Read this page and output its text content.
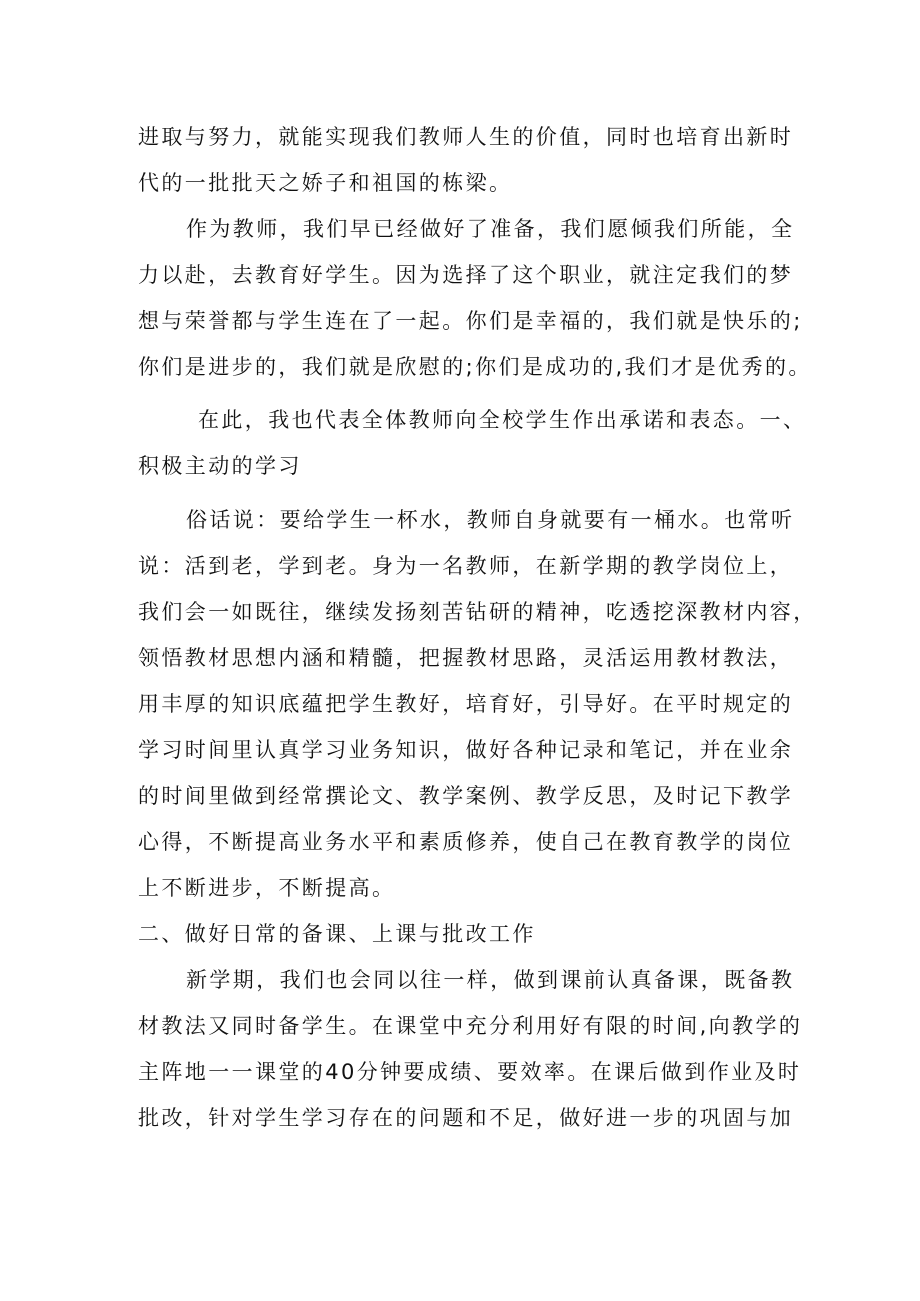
进取与努力，就能实现我们教师人生的价值，同时也培育出新时
代的一批批天之娇子和祖国的栋梁。
作为教师，我们早已经做好了准备，我们愿倾我们所能，全
力以赴，去教育好学生。因为选择了这个职业，就注定我们的梦
想与荣誉都与学生连在了一起。你们是幸福的，我们就是快乐的;
你们是进步的，我们就是欣慰的;你们是成功的,我们才是优秀的。
在此，我也代表全体教师向全校学生作出承诺和表态。一、
积极主动的学习
俗话说：要给学生一杯水，教师自身就要有一桶水。也常听
说：活到老，学到老。身为一名教师，在新学期的教学岗位上，
我们会一如既往，继续发扬刻苦钻研的精神，吃透挖深教材内容，
领悟教材思想内涵和精髓，把握教材思路，灵活运用教材教法，
用丰厚的知识底蕴把学生教好，培育好，引导好。在平时规定的
学习时间里认真学习业务知识，做好各种记录和笔记，并在业余
的时间里做到经常撰论文、教学案例、教学反思，及时记下教学
心得，不断提高业务水平和素质修养，使自己在教育教学的岗位
上不断进步，不断提高。
二、做好日常的备课、上课与批改工作
新学期，我们也会同以往一样，做到课前认真备课，既备教
材教法又同时备学生。在课堂中充分利用好有限的时间,向教学的
主阵地一一课堂的40分钟要成绩、要效率。在课后做到作业及时
批改，针对学生学习存在的问题和不足，做好进一步的巩固与加
